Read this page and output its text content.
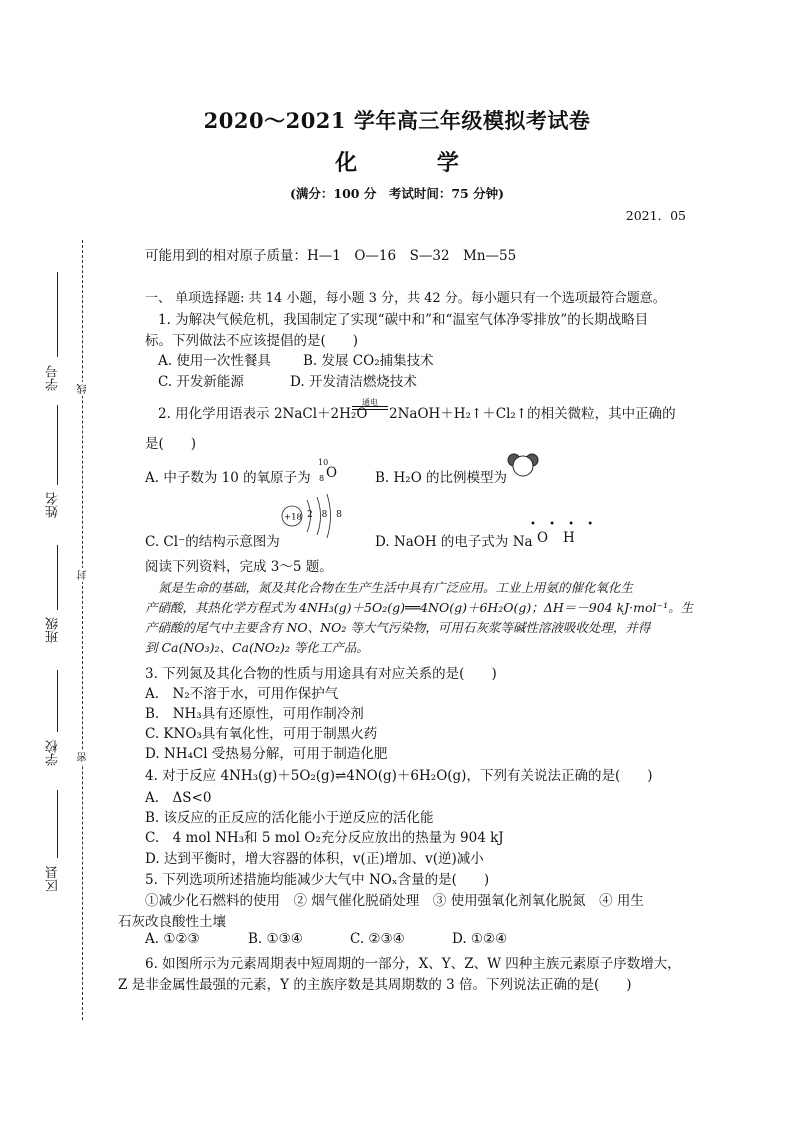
线
封
密
学号
姓名
班级
学校
区县
2020～2021 学年高三年级模拟考试卷
化 学
(满分：100 分　考试时间：75 分钟)
2021．05
可能用到的相对原子质量：H—1　O—16　S—32　Mn—55
一、 单项选择题: 共 14 小题，每小题 3 分，共 42 分。每小题只有一个选项最符合题意。
1. 为解决气候危机，我国制定了实现“碳中和”和“温室气体净零排放”的长期战略目
标。下列做法不应该提倡的是(　　)
A. 使用一次性餐具 B. 发展 CO₂捕集技术
C. 开发新能源	D. 开发清洁燃烧技术
2. 用化学用语表示 2NaCl＋2H₂O
通电
2NaOH＋H₂↑＋Cl₂↑的相关微粒，其中正确的
是(　　)
A. 中子数为 10 的氧原子为
10
8 O	B. H₂O 的比例模型为
+18 2 8 8
C. Cl⁻的结构示意图为	D. NaOH 的电子式为 Na
• • • •
O H
阅读下列资料，完成 3～5 题。
氮是生命的基础，氮及其化合物在生产生活中具有广泛应用。工业上用氨的催化氧化生
产硝酸，其热化学方程式为 4NH₃(g)＋5O₂(g)══4NO(g)＋6H₂O(g)；ΔH＝－904 kJ·mol⁻¹。生
产硝酸的尾气中主要含有 NO、NO₂ 等大气污染物，可用石灰浆等碱性溶液吸收处理，并得
到 Ca(NO₃)₂、Ca(NO₂)₂ 等化工产品。
3. 下列氮及其化合物的性质与用途具有对应关系的是(　　)
A.　N₂不溶于水，可用作保护气
B.　NH₃具有还原性，可用作制冷剂
C. KNO₃具有氧化性，可用于制黑火药
D. NH₄Cl 受热易分解，可用于制造化肥
4. 对于反应 4NH₃(g)＋5O₂(g)⇌4NO(g)＋6H₂O(g)，下列有关说法正确的是(　　)
A.　ΔS<0
B. 该反应的正反应的活化能小于逆反应的活化能
C.　4 mol NH₃和 5 mol O₂充分反应放出的热量为 904 kJ
D. 达到平衡时，增大容器的体积，v(正)增加、v(逆)减小
5. 下列选项所述措施均能减少大气中 NOₓ含量的是(　　)
①减少化石燃料的使用　② 烟气催化脱硝处理　③ 使用强氧化剂氧化脱氮　④ 用生
石灰改良酸性土壤
A. ①②③	B. ①③④	C. ②③④	D. ①②④
6. 如图所示为元素周期表中短周期的一部分，X、Y、Z、W 四种主族元素原子序数增大，
Z 是非金属性最强的元素，Y 的主族序数是其周期数的 3 倍。下列说法正确的是(　　)
